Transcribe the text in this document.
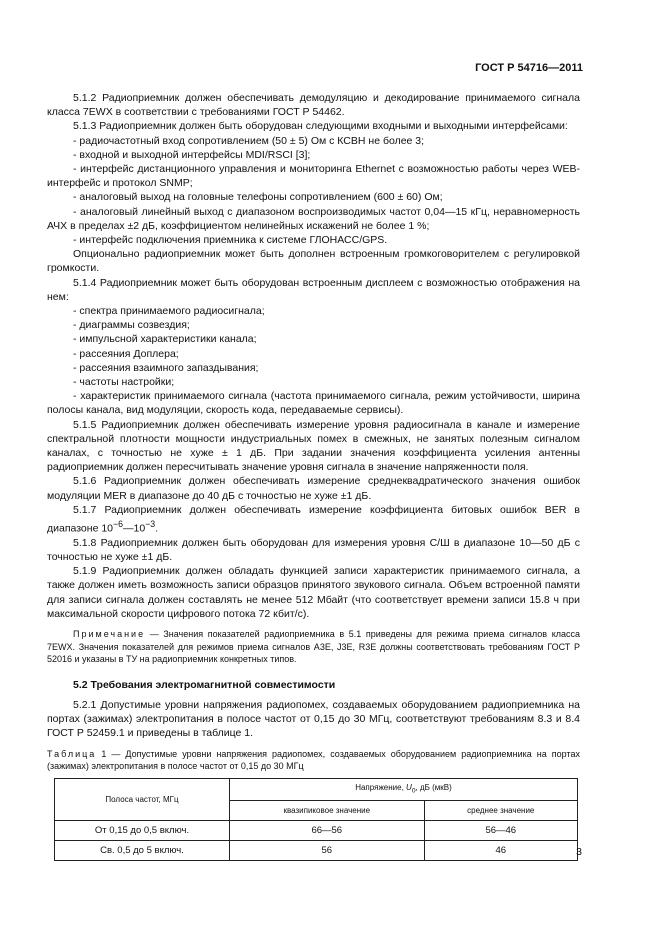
ГОСТ Р 54716—2011

5.1.2 Радиоприемник должен обеспечивать демодуляцию и декодирование принимаемого сигнала класса 7EWX в соответствии с требованиями ГОСТ Р 54462.

5.1.3 Радиоприемник должен быть оборудован следующими входными и выходными интерфейсами:

- радиочастотный вход сопротивлением (50 ± 5) Ом с КСВН не более 3;

- входной и выходной интерфейсы MDI/RSCI [3];

- интерфейс дистанционного управления и мониторинга Ethernet с возможностью работы через WEB-интерфейс и протокол SNMP;

- аналоговый выход на головные телефоны сопротивлением (600 ± 60) Ом;

- аналоговый линейный выход с диапазоном воспроизводимых частот 0,04—15 кГц, неравномерность АЧХ в пределах ±2 дБ, коэффициентом нелинейных искажений не более 1 %;

- интерфейс подключения приемника к системе ГЛОНАСС/GPS.

Опционально радиоприемник может быть дополнен встроенным громкоговорителем с регулировкой громкости.

5.1.4 Радиоприемник может быть оборудован встроенным дисплеем с возможностью отображения на нем:

- спектра принимаемого радиосигнала;

- диаграммы созвездия;

- импульсной характеристики канала;

- рассеяния Доплера;

- рассеяния взаимного запаздывания;

- частоты настройки;

- характеристик принимаемого сигнала (частота принимаемого сигнала, режим устойчивости, ширина полосы канала, вид модуляции, скорость кода, передаваемые сервисы).

5.1.5 Радиоприемник должен обеспечивать измерение уровня радиосигнала в канале и измерение спектральной плотности мощности индустриальных помех в смежных, не занятых полезным сигналом каналах, с точностью не хуже ± 1 дБ. При задании значения коэффициента усиления антенны радиоприемник должен пересчитывать значение уровня сигнала в значение напряженности поля.

5.1.6 Радиоприемник должен обеспечивать измерение среднеквадратического значения ошибок модуляции MER в диапазоне до 40 дБ с точностью не хуже ±1 дБ.

5.1.7 Радиоприемник должен обеспечивать измерение коэффициента битовых ошибок BER в диапазоне $10^{-6}—10^{-3}$.

5.1.8 Радиоприемник должен быть оборудован для измерения уровня С/Ш в диапазоне 10—50 дБ с точностью не хуже ±1 дБ.

5.1.9 Радиоприемник должен обладать функцией записи характеристик принимаемого сигнала, а также должен иметь возможность записи образцов принятого звукового сигнала. Объем встроенной памяти для записи сигнала должен составлять не менее 512 Мбайт (что соответствует времени записи 15.8 ч при максимальной скорости цифрового потока 72 кбит/с).

Примечание — Значения показателей радиоприемника в 5.1 приведены для режима приема сигналов класса 7EWX. Значения показателей для режимов приема сигналов A3E, J3E, R3E должны соответствовать требованиям ГОСТ Р 52016 и указаны в ТУ на радиоприемник конкретных типов.

5.2 Требования электромагнитной совместимости

5.2.1 Допустимые уровни напряжения радиопомех, создаваемых оборудованием радиоприемника на портах (зажимах) электропитания в полосе частот от 0,15 до 30 МГц, соответствуют требованиям 8.3 и 8.4 ГОСТ Р 52459.1 и приведены в таблице 1.

Таблица 1 — Допустимые уровни напряжения радиопомех, создаваемых оборудованием радиоприемника на портах (зажимах) электропитания в полосе частот от 0,15 до 30 МГц

Полоса частот, МГц	Напряжение, $U_0$, дБ (мкВ)	
	квазипиковое значение	среднее значение
От 0,15 до 0,5 включ.	66—56	56—46
Св. 0,5 до 5 включ.	56	46	3
